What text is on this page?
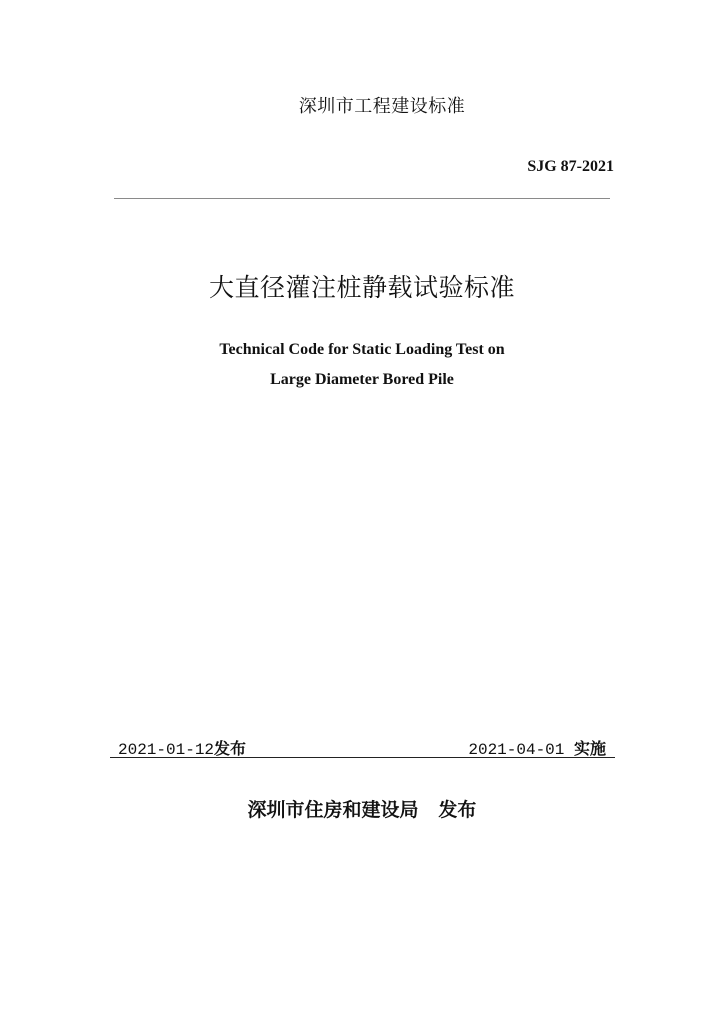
深圳市工程建设标准
SJG 87-2021
大直径灌注桩静载试验标准
Technical Code for Static Loading Test on
Large Diameter Bored Pile
2021-01-12发布	2021-04-01 实施
深圳市住房和建设局 发布
